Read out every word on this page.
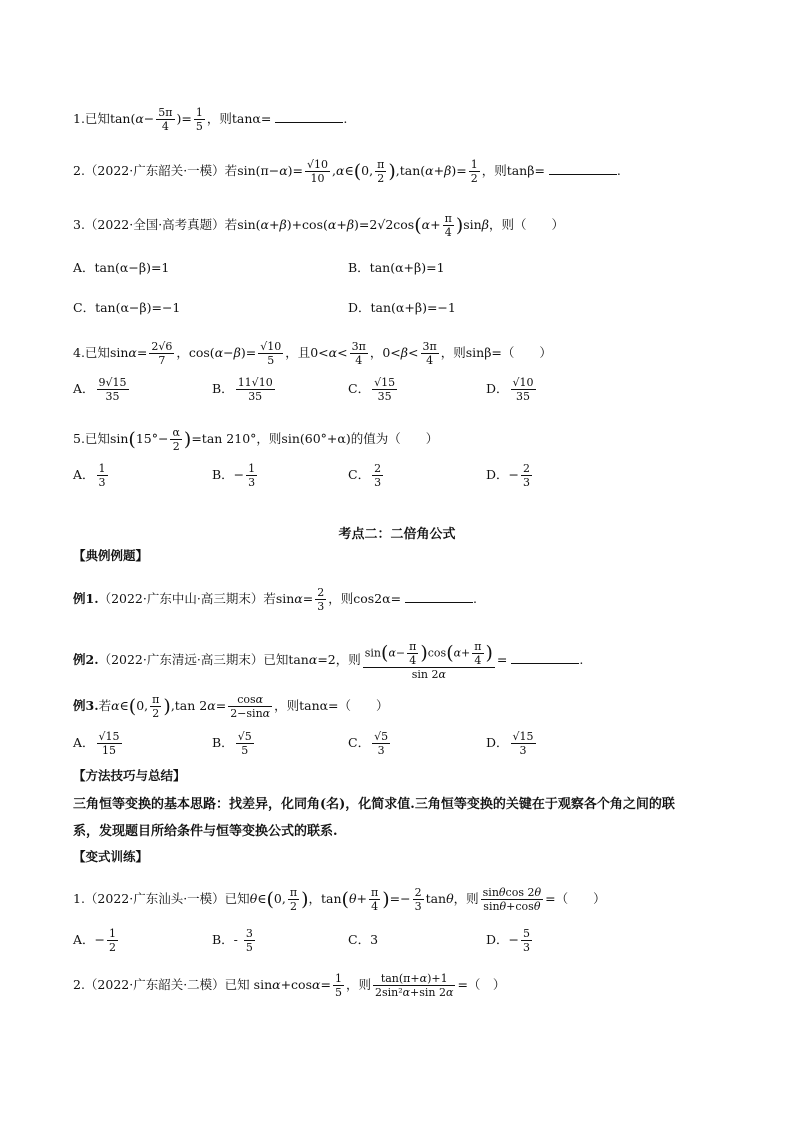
1.已知$\tan(\alpha- \frac{5\pi}{4}$ )= $\frac{1}{5}$ ，则tanα=	.
2.（2022·广东韶关·一模）若$\sin(\pi-\alpha)= \frac{√10}{10}$ ,α∈(0, $\frac{\pi}{2} ),\tan(\alpha+\beta)= \frac{1}{2}$ ，则tanβ=	.
3.（2022·全国·高考真题）若$\sin(\alpha+\beta)+\cos(\alpha+\beta)=2√2\cos(\alpha+ \frac{\pi}{4} )\sin\beta$，则（　　）
A．tan(α−β)=1	B．tan(α+β)=1
C．tan(α−β)=−1	D．tan(α+β)=−1
4.已知$\sin\alpha= \frac{2√6}{7}$ ，$\cos(\alpha-\beta)= \frac{√10}{5}$ ，且$0<\alpha< \frac{3\pi}{4}$ ，$0<\beta< \frac{3\pi}{4}$ ，则sinβ=（　　）
A． $\frac{9√15}{35}$	B． $\frac{11√10}{35}$	C． $\frac{√15}{35}$	D． $\frac{√10}{35}$
5.已知$\sin(15^\circ- \frac{\alpha}{2} )=\tan$ 210°，则sin(60°+α)的值为（　　）
A． $\frac{1}{3}$	B．− $\frac{1}{3}$	C． $\frac{2}{3}$	D．− $\frac{2}{3}$
考点二：二倍角公式
【典例例题】
例1.（2022·广东中山·高三期末）若$\sin\alpha= \frac{2}{3}$ ，则cos2α=	.
例2.（2022·广东清远·高三期末）已知tanα=2，则 $\frac{\sin(\alpha- \frac{\pi}{4} )\cos(\alpha+ \frac{\pi}{4} )}{\sin 2\alpha}$ =	.
例3.若α∈(0, $\frac{\pi}{2} ),\tan$ $2\alpha= \frac{\cos\alpha}{2-\sin\alpha}$ ，则tanα=（　　）
A． $\frac{√15}{15}$	B． $\frac{√5}{5}$	C． $\frac{√5}{3}$	D． $\frac{√15}{3}$
【方法技巧与总结】
三角恒等变换的基本思路：找差异，化同角(名)，化简求值.三角恒等变换的关键在于观察各个角之间的联
系，发现题目所给条件与恒等变换公式的联系.
【变式训练】
1.（2022·广东汕头·一模）已知θ∈(0, $\frac{\pi}{2}$ )，$\tan(\theta+ \frac{\pi}{4}$ )=− $\frac{2}{3}$ tanθ，则 $\frac{\sin\theta\cos 2\theta}{\sin\theta+\cos\theta}$ =（　　）
A．− $\frac{1}{2}$	B．- $\frac{3}{5}$	C．3	D．− $\frac{5}{3}$
2.（2022·广东韶关·二模）已知 $\sin\alpha+\cos\alpha= \frac{1}{5}$ ，则 $\frac{\tan(\pi+\alpha)+1}{\text{2sin²α+sin 2α}}$ =（　）
